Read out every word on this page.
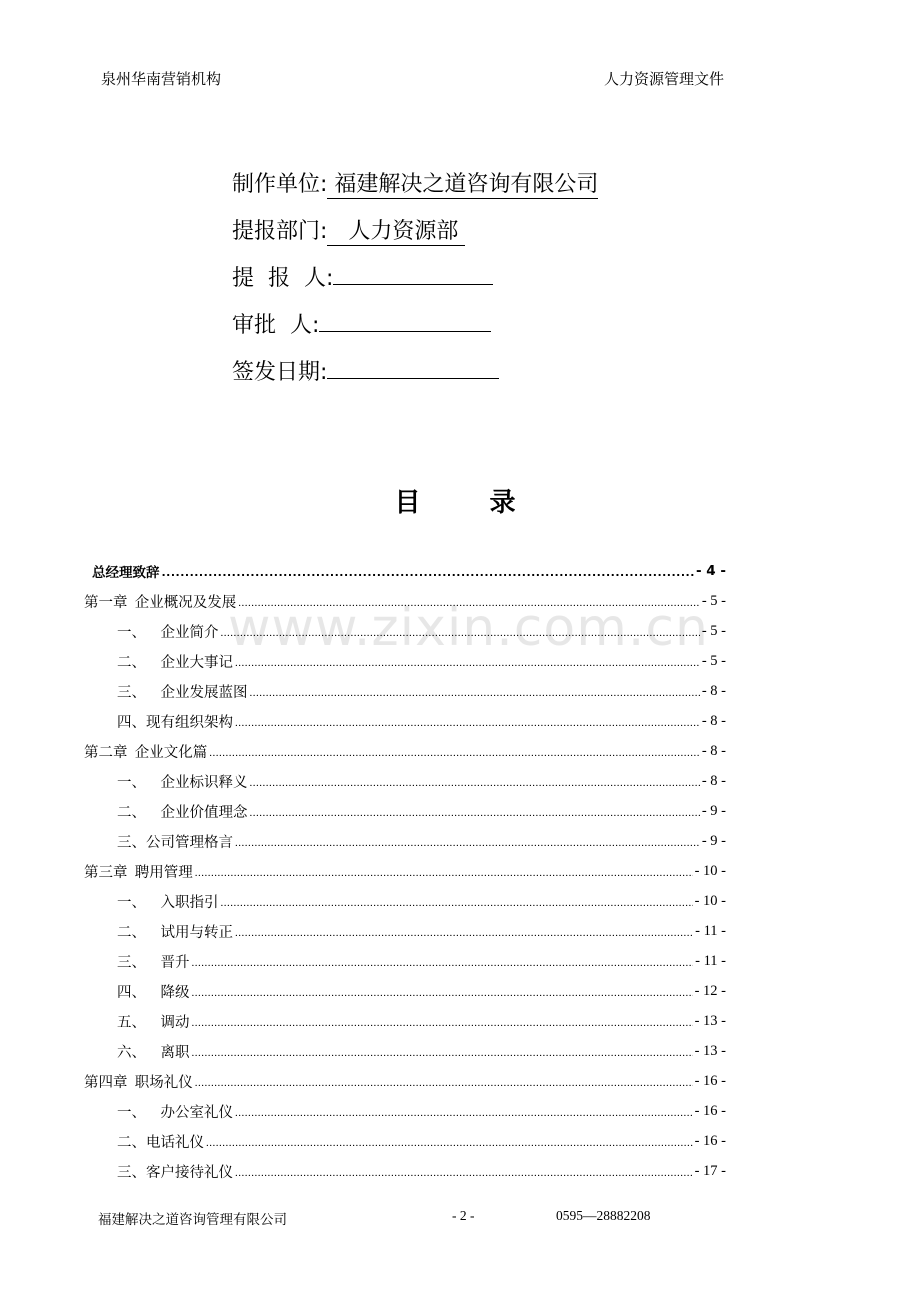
泉州华南营销机构	人力资源管理文件
制作单位: 福建解决之道咨询有限公司
提报部门:   人力资源部
提  报  人:
审批  人:
签发日期:
目 录
www.zixin.com.cn
总经理致辞 .....	- 4 -
第一章  企业概况及发展 .....	- 5 -
一、    企业简介 .....	- 5 -
二、    企业大事记 .....	- 5 -
三、    企业发展蓝图 .....	- 8 -
四、现有组织架构 .....	- 8 -
第二章  企业文化篇 .....	- 8 -
一、    企业标识释义 .....	- 8 -
二、    企业价值理念 .....	- 9 -
三、公司管理格言 .....	- 9 -
第三章  聘用管理 .....	- 10 -
一、    入职指引 .....	- 10 -
二、    试用与转正 .....	- 11 -
三、    晋升 .....	- 11 -
四、    降级 .....	- 12 -
五、    调动 .....	- 13 -
六、    离职 .....	- 13 -
第四章  职场礼仪 .....	- 16 -
一、    办公室礼仪 .....	- 16 -
二、电话礼仪 .....	- 16 -
三、客户接待礼仪 .....	- 17 -
福建解决之道咨询管理有限公司	- 2 -	0595—28882208
